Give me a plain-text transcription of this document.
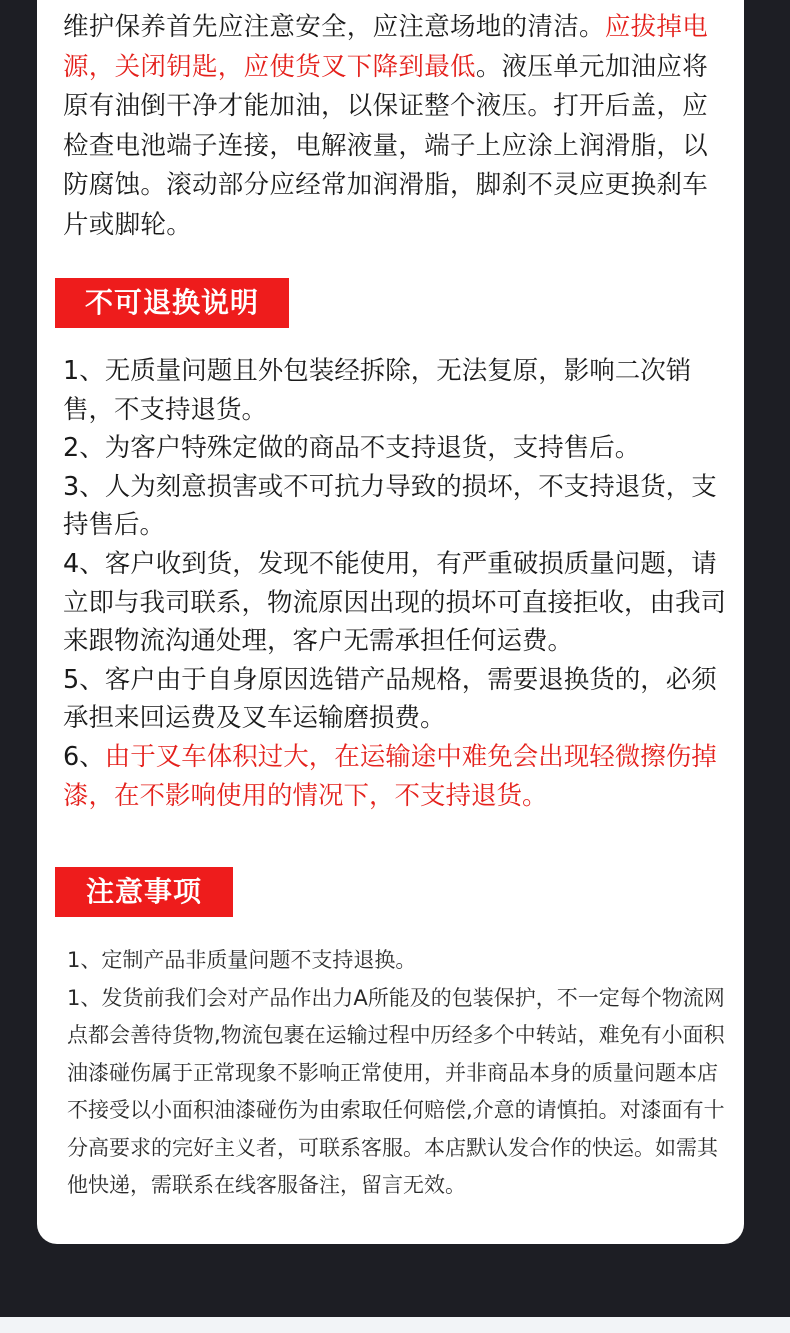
维护保养首先应注意安全，应注意场地的清洁。应拔掉电源，关闭钥匙，应使货叉下降到最低。液压单元加油应将原有油倒干净才能加油，以保证整个液压。打开后盖，应检查电池端子连接，电解液量，端子上应涂上润滑脂，以防腐蚀。滚动部分应经常加润滑脂，脚刹不灵应更换刹车片或脚轮。
不可退换说明

1、无质量问题且外包装经拆除，无法复原，影响二次销售，不支持退货。

2、为客户特殊定做的商品不支持退货，支持售后。

3、人为刻意损害或不可抗力导致的损坏，不支持退货，支持售后。

4、客户收到货，发现不能使用，有严重破损质量问题，请立即与我司联系，物流原因出现的损坏可直接拒收，由我司来跟物流沟通处理，客户无需承担任何运费。

5、客户由于自身原因选错产品规格，需要退换货的，必须承担来回运费及叉车运输磨损费。

6、由于叉车体积过大，在运输途中难免会出现轻微擦伤掉漆，在不影响使用的情况下，不支持退货。

注意事项

1、定制产品非质量问题不支持退换。

1、发货前我们会对产品作出力A所能及的包装保护，不一定每个物流网点都会善待货物,物流包裹在运输过程中历经多个中转站，难免有小面积油漆碰伤属于正常现象不影响正常使用，并非商品本身的质量问题本店不接受以小面积油漆碰伤为由索取任何赔偿,介意的请慎拍。对漆面有十分高要求的完好主义者，可联系客服。本店默认发合作的快运。如需其他快递，需联系在线客服备注，留言无效。
